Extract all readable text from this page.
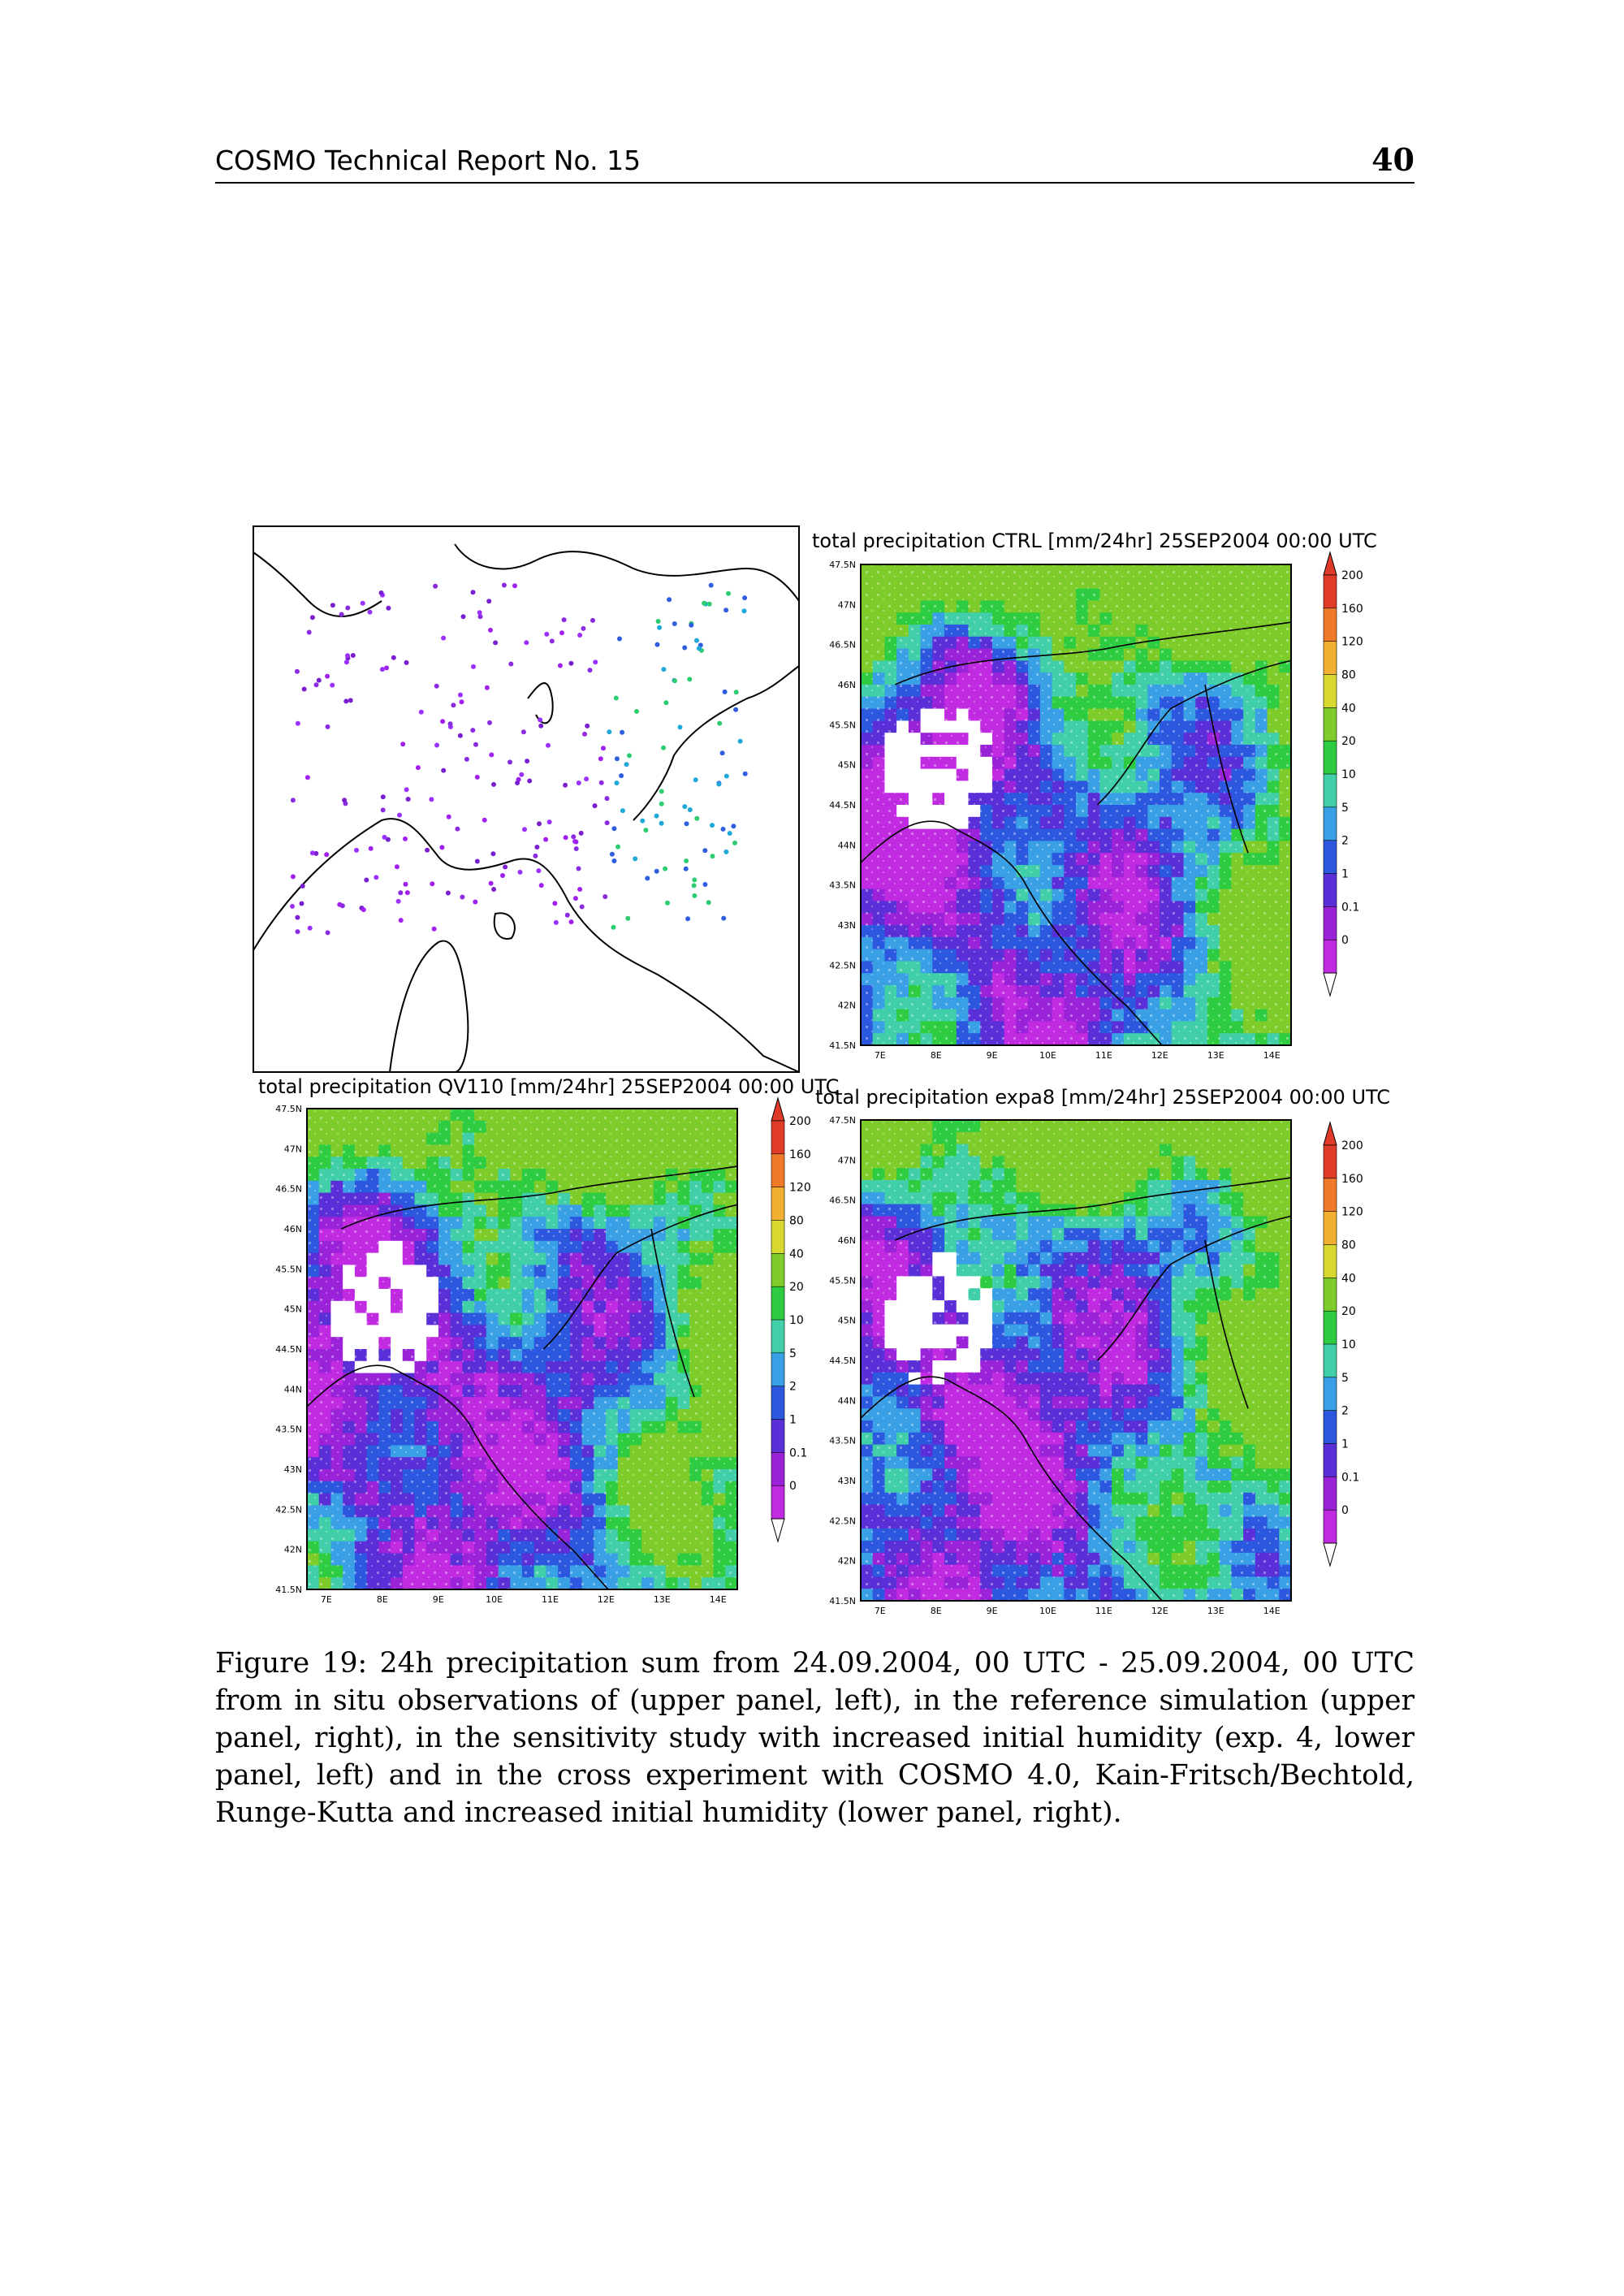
COSMO Technical Report No. 15	40
total precipitation CTRL [mm/24hr] 25SEP2004 00:00 UTC
47.5N
47N
46.5N
46N
45.5N
45N
44.5N
44N
43.5N
43N
42.5N
42N
41.5N
7E	8E	9E	10E	11E	12E	13E	14E
200
160
120
80
40
20
10
5
2
1
0.1
0
total precipitation QV110 [mm/24hr] 25SEP2004 00:00 UTC
47.5N
47N
46.5N
46N
45.5N
45N
44.5N
44N
43.5N
43N
42.5N
42N
41.5N
7E	8E	9E	10E	11E	12E	13E	14E
200
160
120
80
40
20
10
5
2
1
0.1
0
total precipitation expa8 [mm/24hr] 25SEP2004 00:00 UTC
47.5N
47N
46.5N
46N
45.5N
45N
44.5N
44N
43.5N
43N
42.5N
42N
41.5N
7E	8E	9E	10E	11E	12E	13E	14E
200
160
120
80
40
20
10
5
2
1
0.1
0
Figure 19: 24h precipitation sum from 24.09.2004, 00 UTC - 25.09.2004, 00 UTC from in situ observations of (upper panel, left), in the reference simulation (upper panel, right), in the sensitivity study with increased initial humidity (exp. 4, lower panel, left) and in the cross experiment with COSMO 4.0, Kain-Fritsch/Bechtold, Runge-Kutta and increased initial humidity (lower panel, right).
